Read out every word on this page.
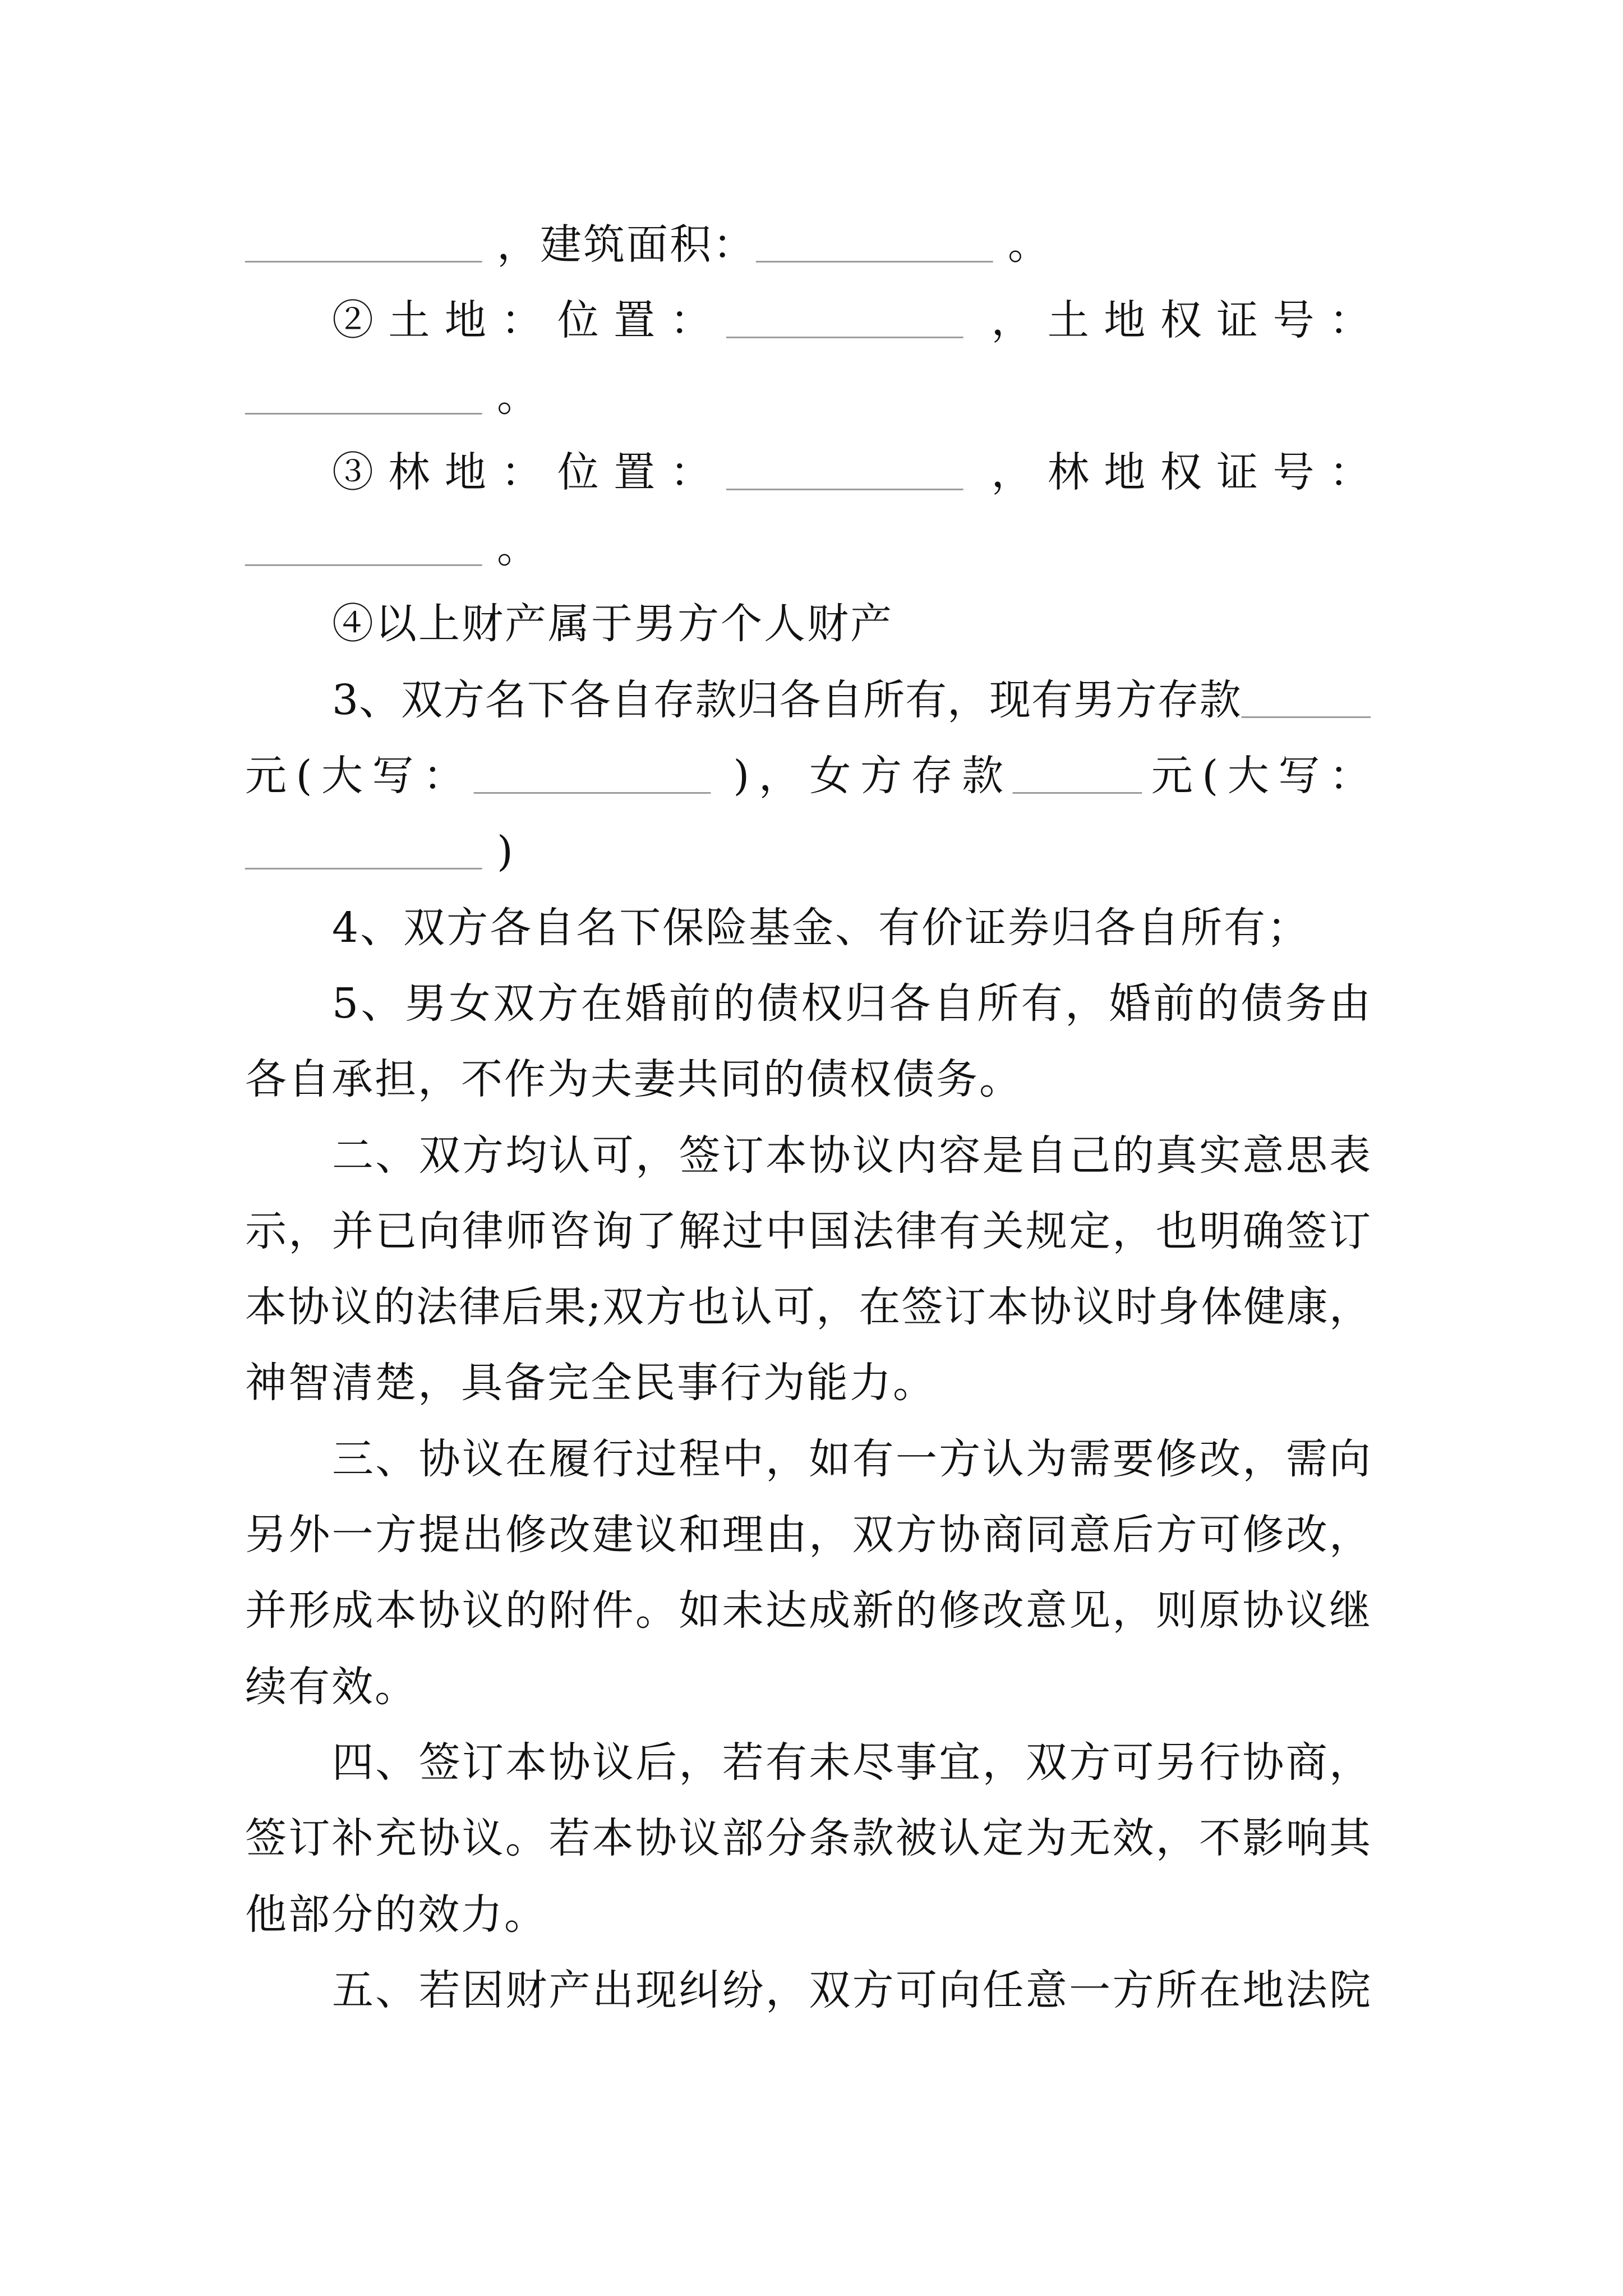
___________ ，建筑面积：___________ 。
②土地：位置：___________ ，土地权证号：
___________ 。
③林地：位置：___________ ，林地权证号：
___________ 。
④以上财产属于男方个人财产
3、双方名下各自存款归各自所有，现有男方存款______
元(大写：___________ )，女方存款______元(大写：
___________ )
4、双方各自名下保险基金、有价证券归各自所有；
5、男女双方在婚前的债权归各自所有，婚前的债务由
各自承担，不作为夫妻共同的债权债务。
二、双方均认可，签订本协议内容是自己的真实意思表
示，并已向律师咨询了解过中国法律有关规定，也明确签订
本协议的法律后果;双方也认可，在签订本协议时身体健康，
神智清楚，具备完全民事行为能力。
三、协议在履行过程中，如有一方认为需要修改，需向
另外一方提出修改建议和理由，双方协商同意后方可修改，
并形成本协议的附件。如未达成新的修改意见，则原协议继
续有效。
四、签订本协议后，若有未尽事宜，双方可另行协商，
签订补充协议。若本协议部分条款被认定为无效，不影响其
他部分的效力。
五、若因财产出现纠纷，双方可向任意一方所在地法院
